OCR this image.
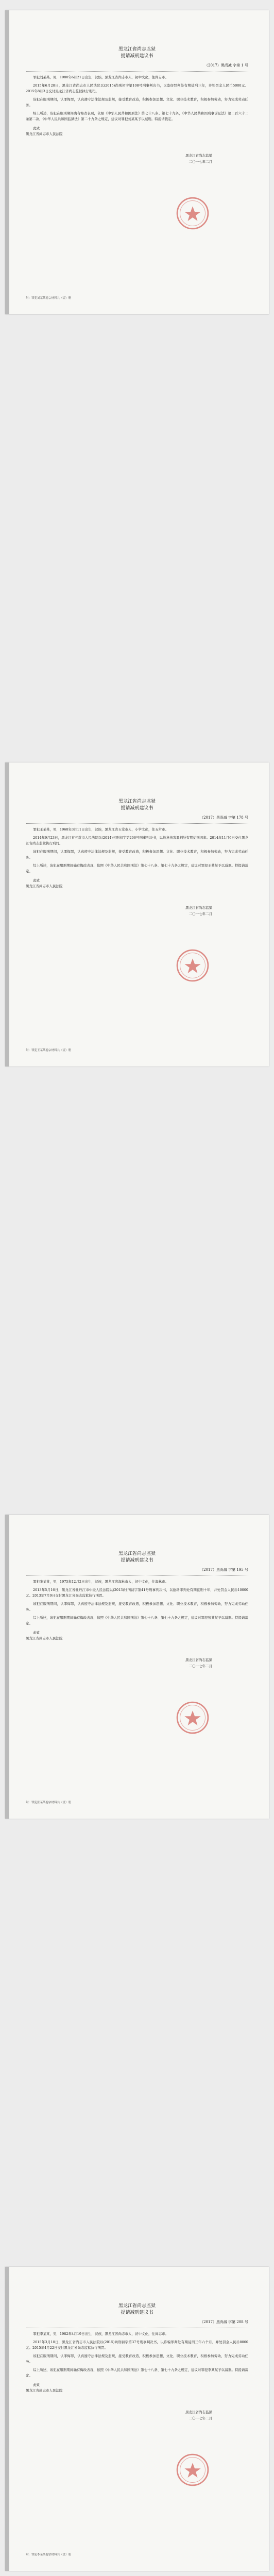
黑龙江省尚志监狱
提请减刑建议书
（2017）黑尚减 字第 1 号

罪犯刘某某，男，1980年6月21日出生，汉族，黑龙江省尚志市人，初中文化，住尚志市。

2015年6月28日，黑龙江省尚志市人民法院以(2015)尚刑初字第108号刑事判决书，以盗窃罪判处有期徒刑三年，并处罚金人民币5000元。2015年8月3日交付黑龙江省尚志监狱执行刑罚。

该犯在服刑期间，认罪悔罪，认真遵守法律法规及监规，接受教育改造，积极参加思想、文化、职业技术教育，积极参加劳动，努力完成劳动任务。

综上所述，该犯在服刑期间确有悔改表现，依照《中华人民共和国刑法》第七十八条、第七十九条，《中华人民共和国刑事诉讼法》第二百六十二条第二款，《中华人民共和国监狱法》第二十九条之规定，建议对罪犯刘某某予以减刑。特提请裁定。

此致
黑龙江省尚志市人民法院
黑龙江省尚志监狱
二〇一七年二月
附：罪犯刘某某卷宗材料共（壹）册
黑龙江省尚志监狱
提请减刑建议书
（2017）黑尚减 字第 178 号

罪犯王某某，男，1968年3月11日出生，汉族，黑龙江省五常市人，小学文化，住五常市。

2014年9月23日，黑龙江省五常市人民法院以(2014)五刑初字第206号刑事判决书，以故意伤害罪判处有期徒刑四年。2014年11月6日交付黑龙江省尚志监狱执行刑罚。

该犯在服刑期间，认罪悔罪，认真遵守法律法规及监规，接受教育改造，积极参加思想、文化、职业技术教育，积极参加劳动，努力完成劳动任务。

综上所述，该犯在服刑期间确有悔改表现，依照《中华人民共和国刑法》第七十八条、第七十九条之规定，建议对罪犯王某某予以减刑。特提请裁定。

此致
黑龙江省尚志市人民法院
黑龙江省尚志监狱
二〇一七年二月
附：罪犯王某某卷宗材料共（壹）册
黑龙江省尚志监狱
提请减刑建议书
（2017）黑尚减 字第 195 号

罪犯张某某，男，1975年12月2日出生，汉族，黑龙江省海林市人，初中文化，住海林市。

2013年5月16日，黑龙江省牡丹江市中级人民法院以(2013)牡刑初字第41号刑事判决书，以抢劫罪判处有期徒刑十年，并处罚金人民币10000元。2013年7月9日交付黑龙江省尚志监狱执行刑罚。

该犯在服刑期间，认罪悔罪，认真遵守法律法规及监规，接受教育改造，积极参加思想、文化、职业技术教育，积极参加劳动，努力完成劳动任务。

综上所述，该犯在服刑期间确有悔改表现，依照《中华人民共和国刑法》第七十八条、第七十九条之规定，建议对罪犯张某某予以减刑。特提请裁定。

此致
黑龙江省尚志市人民法院
黑龙江省尚志监狱
二〇一七年二月
附：罪犯张某某卷宗材料共（壹）册
黑龙江省尚志监狱
提请减刑建议书
（2017）黑尚减 字第 208 号

罪犯李某某，男，1982年4月19日出生，汉族，黑龙江省尚志市人，初中文化，住尚志市。

2015年3月10日，黑龙江省尚志市人民法院以(2015)尚刑初字第37号刑事判决书，以诈骗罪判处有期徒刑三年六个月，并处罚金人民币8000元。2015年4月22日交付黑龙江省尚志监狱执行刑罚。

该犯在服刑期间，认罪悔罪，认真遵守法律法规及监规，接受教育改造，积极参加思想、文化、职业技术教育，积极参加劳动，努力完成劳动任务。

综上所述，该犯在服刑期间确有悔改表现，依照《中华人民共和国刑法》第七十八条、第七十九条之规定，建议对罪犯李某某予以减刑。特提请裁定。

此致
黑龙江省尚志市人民法院
黑龙江省尚志监狱
二〇一七年二月
附：罪犯李某某卷宗材料共（壹）册
